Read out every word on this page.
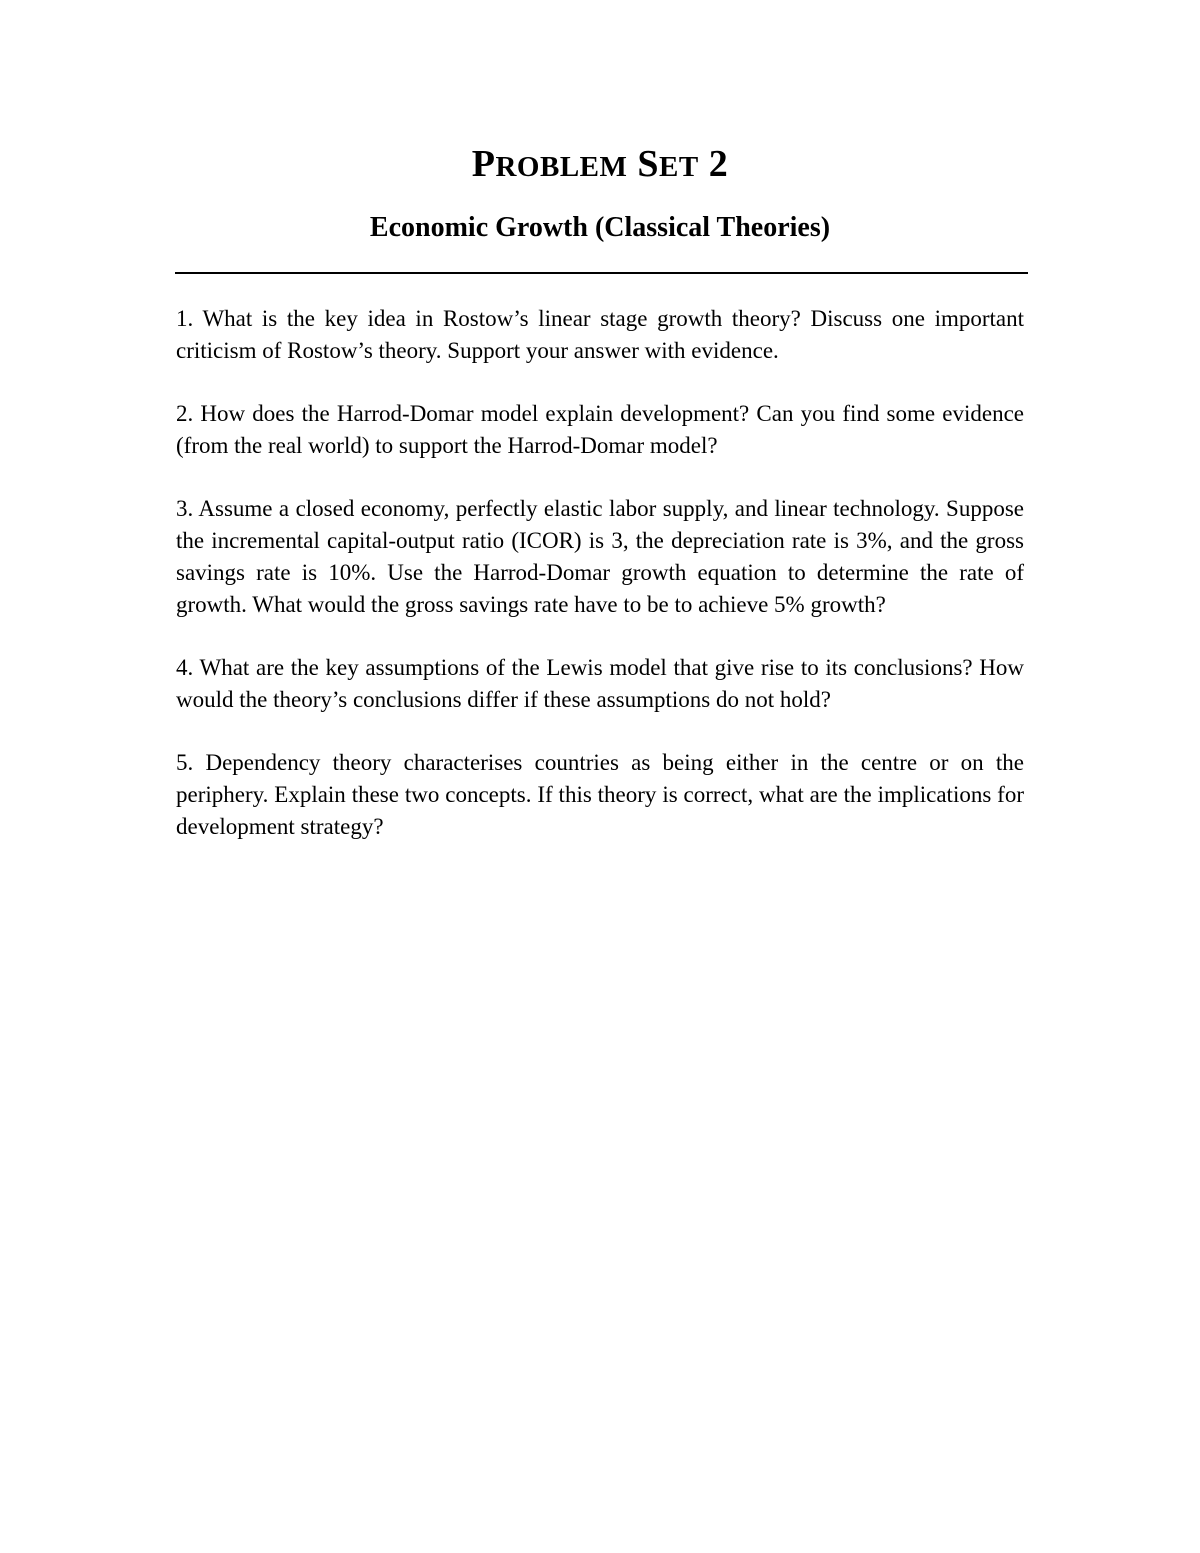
PROBLEM SET 2
Economic Growth (Classical Theories)

1. What is the key idea in Rostow’s linear stage growth theory? Discuss one important criticism of Rostow’s theory. Support your answer with evidence.

2. How does the Harrod-Domar model explain development? Can you find some evidence (from the real world) to support the Harrod-Domar model?

3. Assume a closed economy, perfectly elastic labor supply, and linear technology. Suppose the incremental capital-output ratio (ICOR) is 3, the depreciation rate is 3%, and the gross savings rate is 10%. Use the Harrod-Domar growth equation to determine the rate of growth. What would the gross savings rate have to be to achieve 5% growth?

4. What are the key assumptions of the Lewis model that give rise to its conclusions? How would the theory’s conclusions differ if these assumptions do not hold?

5. Dependency theory characterises countries as being either in the centre or on the periphery. Explain these two concepts. If this theory is correct, what are the implications for development strategy?
